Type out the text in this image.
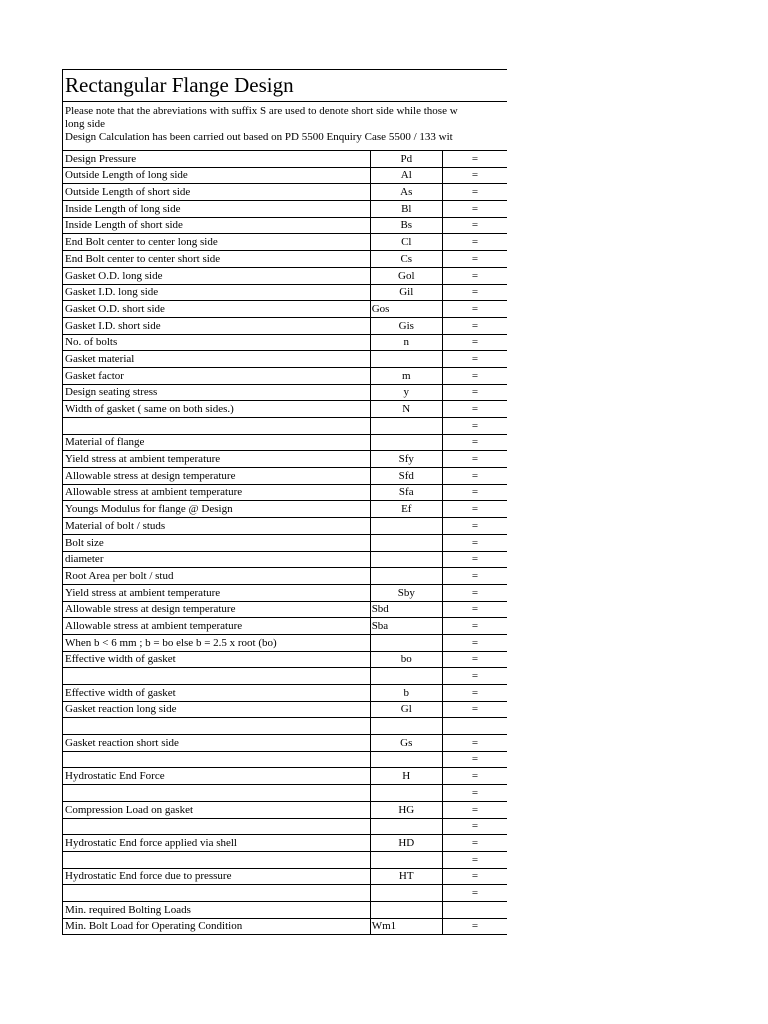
Rectangular Flange Design
Please note that the abreviations with suffix S are used to denote short side while those w
long side
Design Calculation has been carried out based on PD 5500 Enquiry Case 5500 / 133 wit
Design Pressure	Pd	=
Outside Length of long side	Al	=
Outside Length of short side	As	=
Inside Length of long side	Bl	=
Inside Length of short side	Bs	=
End Bolt center to center long side	Cl	=
End Bolt center to center short side	Cs	=
Gasket O.D. long side	Gol	=
Gasket I.D. long side	Gil	=
Gasket O.D. short side	Gos	=
Gasket I.D. short side	Gis	=
No. of bolts	n	=
Gasket material		=
Gasket factor	m	=
Design seating stress	y	=
Width of gasket ( same on both sides.)	N	=
		=
Material of flange		=
Yield stress at ambient temperature	Sfy	=
Allowable stress at design temperature	Sfd	=
Allowable stress at ambient temperature	Sfa	=
Youngs Modulus for flange @ Design	Ef	=
Material of bolt / studs		=
Bolt size		=
diameter		=
Root Area per bolt / stud		=
Yield stress at ambient temperature	Sby	=
Allowable stress at design temperature	Sbd	=
Allowable stress at ambient temperature	Sba	=
When b < 6 mm ; b = bo else b = 2.5 x root (bo)		=
Effective width of gasket	bo	=
		=
Effective width of gasket	b	=
Gasket reaction long side	Gl	=

Gasket reaction short side	Gs	=
		=
Hydrostatic End Force	H	=
		=
Compression Load on gasket	HG	=
		=
Hydrostatic End force applied via shell	HD	=
		=
Hydrostatic End force due to pressure	HT	=
		=
Min. required Bolting Loads		
Min. Bolt Load for Operating Condition	Wm1	=
